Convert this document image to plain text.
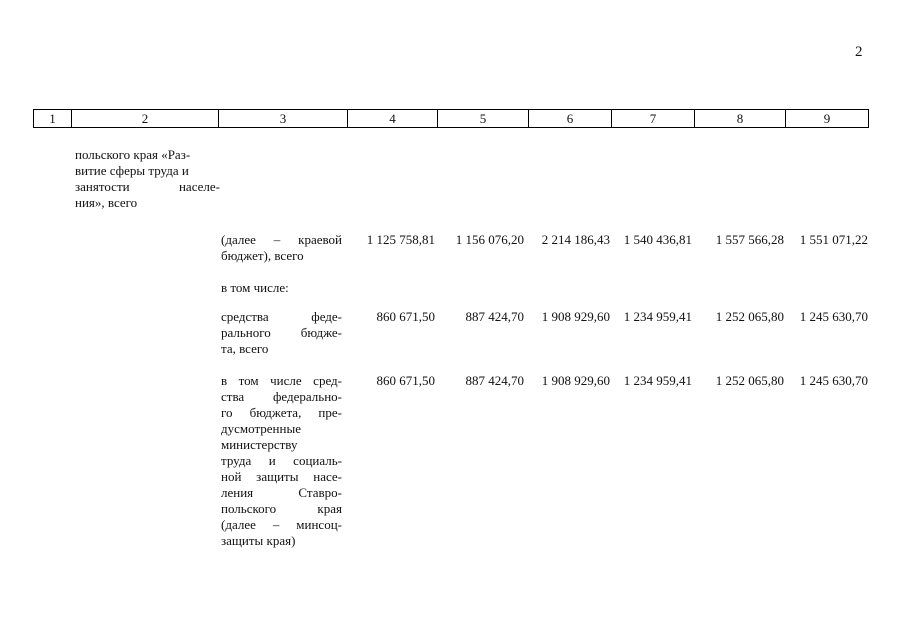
2
1	2	3	4	5	6	7	8	9
польского края «Раз-
витие сферы труда и
занятости населе-
ния», всего
(далее – краевой
бюджет), всего
1 125 758,81	1 156 076,20	2 214 186,43	1 540 436,81	1 557 566,28	1 551 071,22
в том числе:
средства феде-
рального бюдже-
та, всего
860 671,50	887 424,70	1 908 929,60	1 234 959,41	1 252 065,80	1 245 630,70
в том числе сред-
ства федерально-
го бюджета, пре-
дусмотренные
министерству
труда и социаль-
ной защиты насе-
ления Ставро-
польского края
(далее – минсоц-
защиты края)
860 671,50	887 424,70	1 908 929,60	1 234 959,41	1 252 065,80	1 245 630,70
